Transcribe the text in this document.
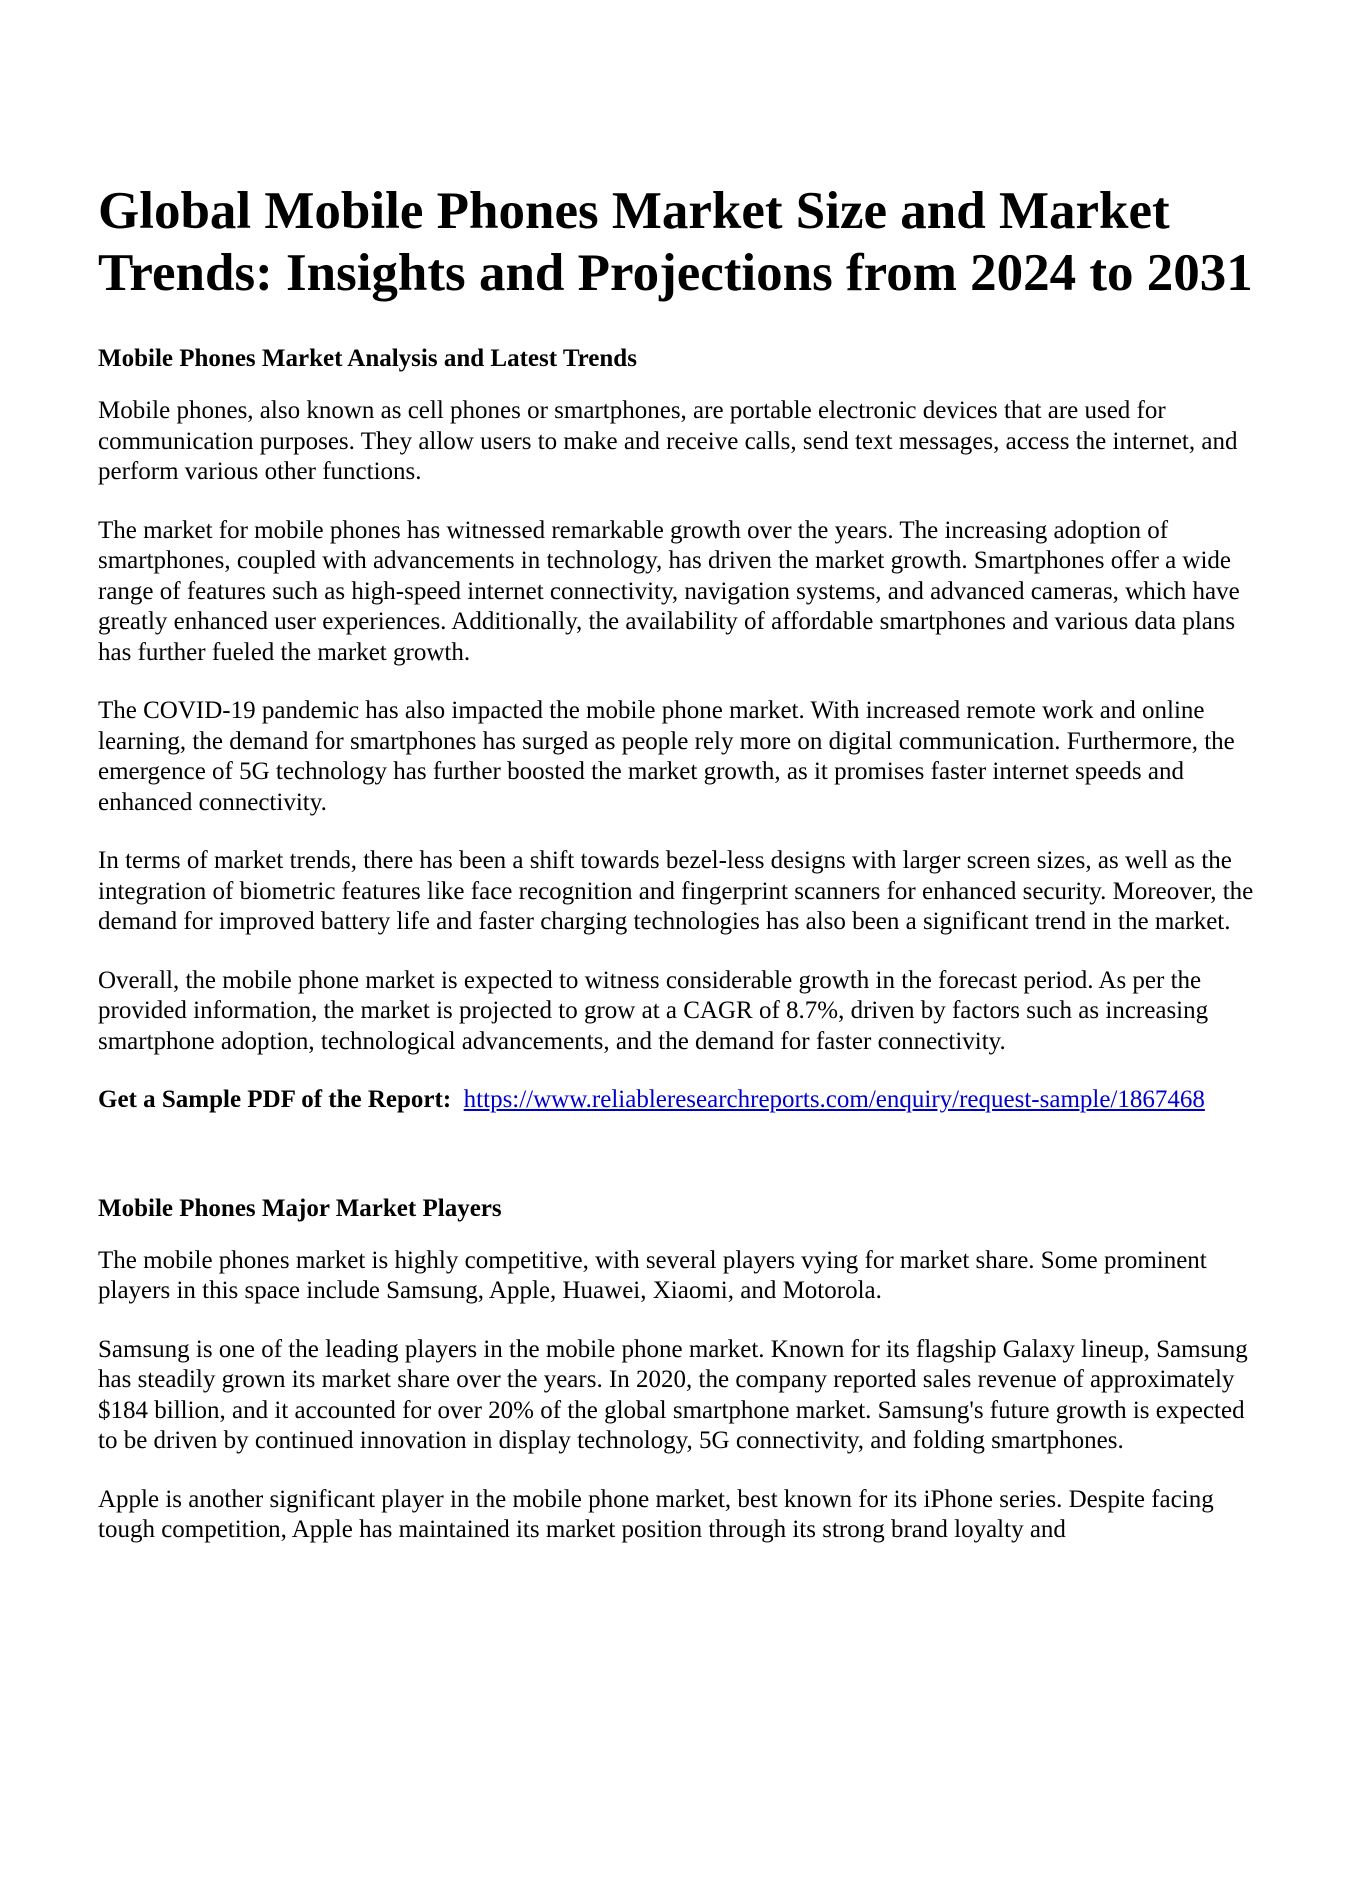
Global Mobile Phones Market Size and Market Trends: Insights and Projections from 2024 to 2031
Mobile Phones Market Analysis and Latest Trends

Mobile phones, also known as cell phones or smartphones, are portable electronic devices that are used for communication purposes. They allow users to make and receive calls, send text messages, access the internet, and perform various other functions.

The market for mobile phones has witnessed remarkable growth over the years. The increasing adoption of smartphones, coupled with advancements in technology, has driven the market growth. Smartphones offer a wide range of features such as high-speed internet connectivity, navigation systems, and advanced cameras, which have greatly enhanced user experiences. Additionally, the availability of affordable smartphones and various data plans has further fueled the market growth.

The COVID-19 pandemic has also impacted the mobile phone market. With increased remote work and online learning, the demand for smartphones has surged as people rely more on digital communication. Furthermore, the emergence of 5G technology has further boosted the market growth, as it promises faster internet speeds and enhanced connectivity.

In terms of market trends, there has been a shift towards bezel-less designs with larger screen sizes, as well as the integration of biometric features like face recognition and fingerprint scanners for enhanced security. Moreover, the demand for improved battery life and faster charging technologies has also been a significant trend in the market.

Overall, the mobile phone market is expected to witness considerable growth in the forecast period. As per the provided information, the market is projected to grow at a CAGR of 8.7%, driven by factors such as increasing smartphone adoption, technological advancements, and the demand for faster connectivity.

Get a Sample PDF of the Report: https://www.reliableresearchreports.com/enquiry/request-sample/1867468
Mobile Phones Major Market Players

The mobile phones market is highly competitive, with several players vying for market share. Some prominent players in this space include Samsung, Apple, Huawei, Xiaomi, and Motorola.

Samsung is one of the leading players in the mobile phone market. Known for its flagship Galaxy lineup, Samsung has steadily grown its market share over the years. In 2020, the company reported sales revenue of approximately $184 billion, and it accounted for over 20% of the global smartphone market. Samsung's future growth is expected to be driven by continued innovation in display technology, 5G connectivity, and folding smartphones.

Apple is another significant player in the mobile phone market, best known for its iPhone series. Despite facing tough competition, Apple has maintained its market position through its strong brand loyalty and
